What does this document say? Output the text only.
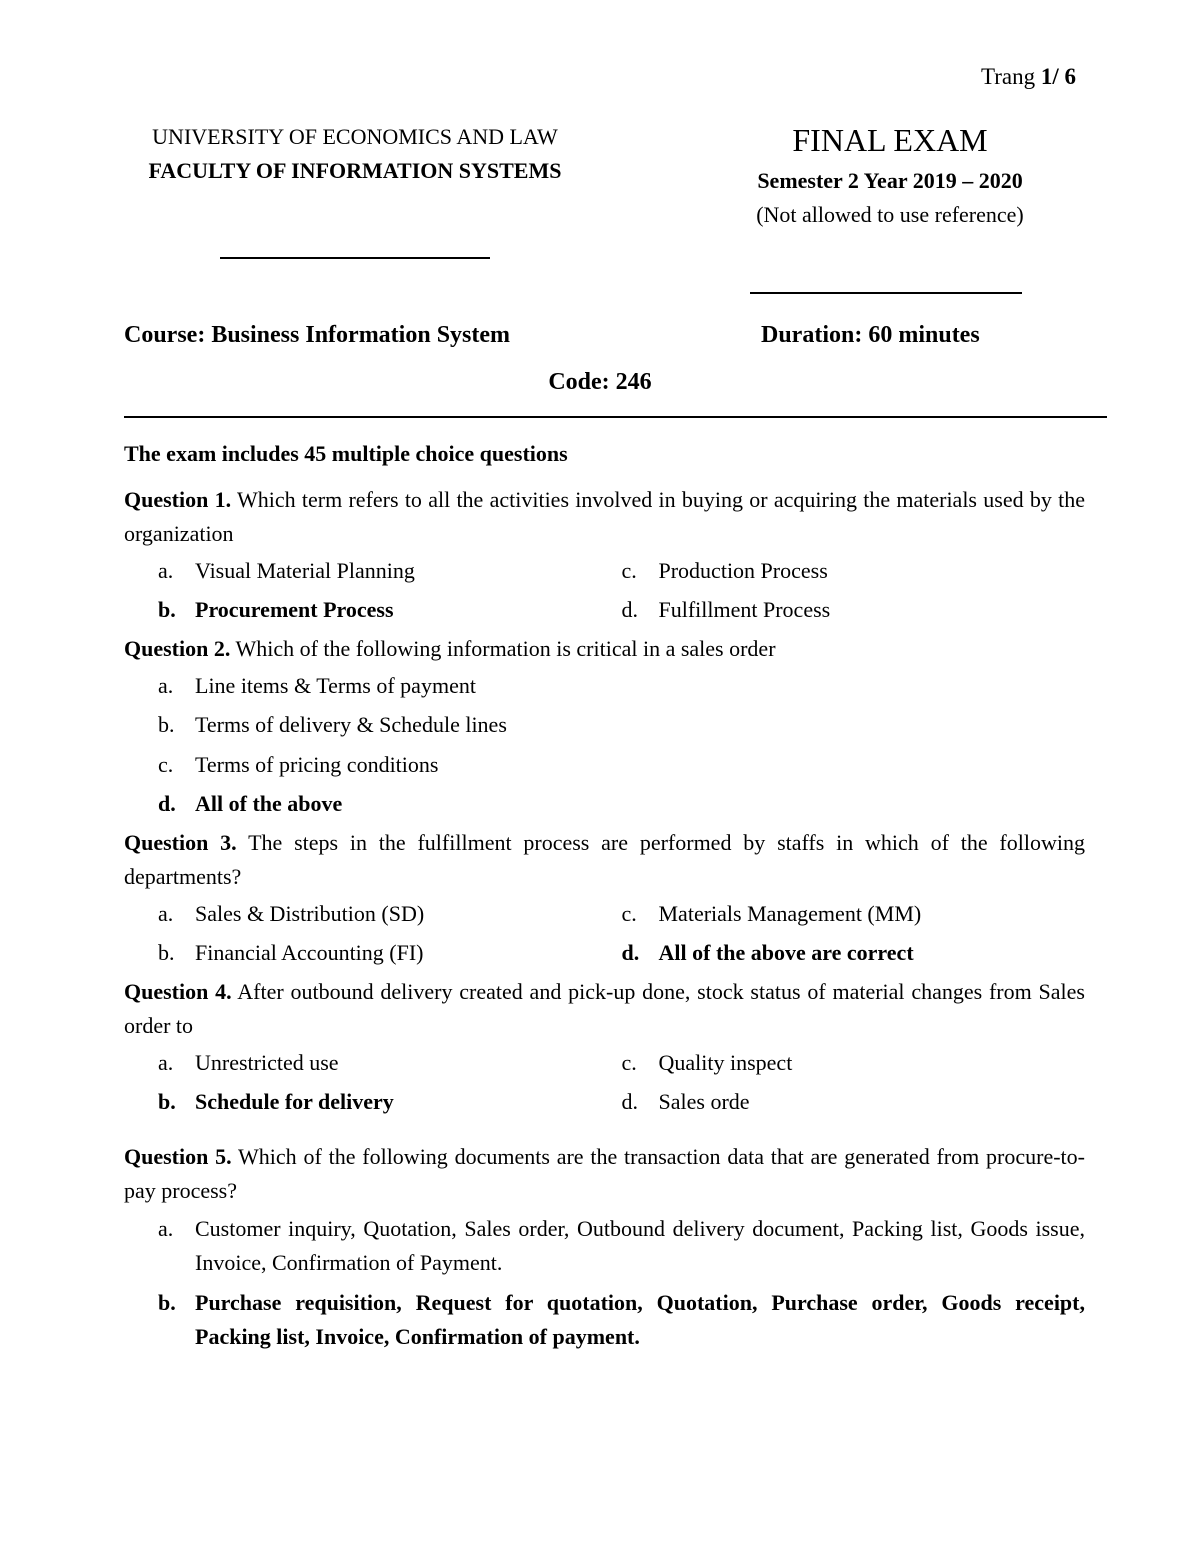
Trang 1/ 6
UNIVERSITY OF ECONOMICS AND LAW
FACULTY OF INFORMATION SYSTEMS
FINAL EXAM
Semester 2 Year 2019 – 2020
(Not allowed to use reference)
Course: Business Information System	Duration: 60 minutes
Code: 246
The exam includes 45 multiple choice questions
Question 1. Which term refers to all the activities involved in buying or acquiring the materials used by the organization
a. Visual Material Planning	c. Production Process
b. Procurement Process	d. Fulfillment Process
Question 2. Which of the following information is critical in a sales order
a. Line items & Terms of payment
b. Terms of delivery & Schedule lines
c. Terms of pricing conditions
d. All of the above
Question 3. The steps in the fulfillment process are performed by staffs in which of the following departments?
a. Sales & Distribution (SD)	c. Materials Management (MM)
b. Financial Accounting (FI)	d. All of the above are correct
Question 4. After outbound delivery created and pick-up done, stock status of material changes from Sales order to
a. Unrestricted use	c. Quality inspect
b. Schedule for delivery	d. Sales orde
Question 5. Which of the following documents are the transaction data that are generated from procure-to-pay process?
a. Customer inquiry, Quotation, Sales order, Outbound delivery document, Packing list, Goods issue, Invoice, Confirmation of Payment.
b. Purchase requisition, Request for quotation, Quotation, Purchase order, Goods receipt, Packing list, Invoice, Confirmation of payment.
